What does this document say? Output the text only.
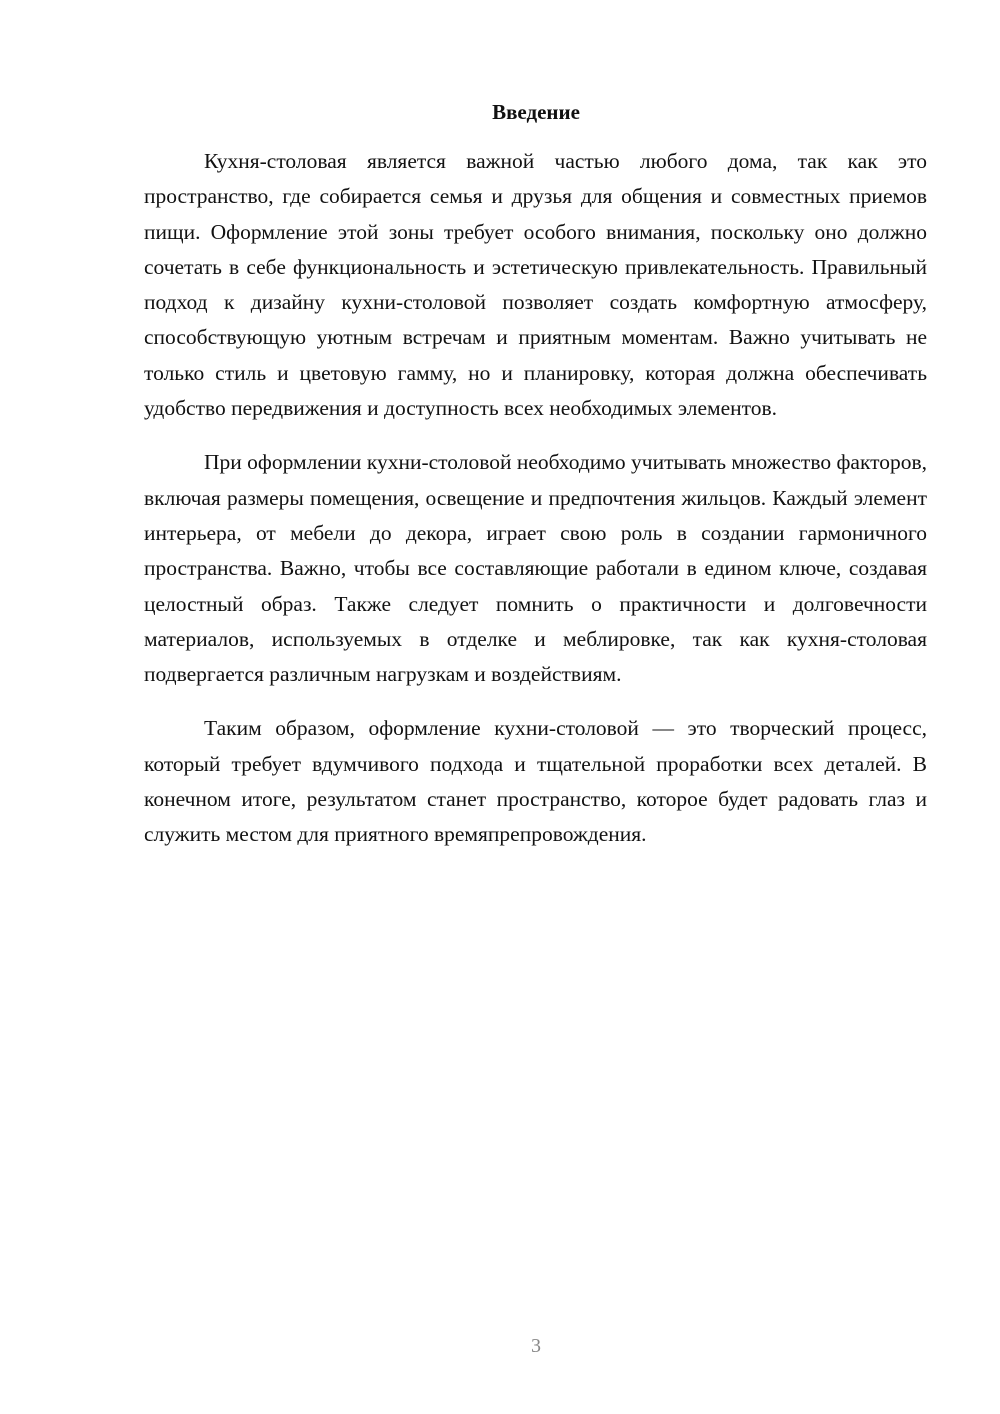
Введение

Кухня-столовая является важной частью любого дома, так как это пространство, где собирается семья и друзья для общения и совместных приемов пищи. Оформление этой зоны требует особого внимания, поскольку оно должно сочетать в себе функциональность и эстетическую привлекательность. Правильный подход к дизайну кухни-столовой позволяет создать комфортную атмосферу, способствующую уютным встречам и приятным моментам. Важно учитывать не только стиль и цветовую гамму, но и планировку, которая должна обеспечивать удобство передвижения и доступность всех необходимых элементов.

При оформлении кухни-столовой необходимо учитывать множество факторов, включая размеры помещения, освещение и предпочтения жильцов. Каждый элемент интерьера, от мебели до декора, играет свою роль в создании гармоничного пространства. Важно, чтобы все составляющие работали в едином ключе, создавая целостный образ. Также следует помнить о практичности и долговечности материалов, используемых в отделке и меблировке, так как кухня-столовая подвергается различным нагрузкам и воздействиям.

Таким образом, оформление кухни-столовой — это творческий процесс, который требует вдумчивого подхода и тщательной проработки всех деталей. В конечном итоге, результатом станет пространство, которое будет радовать глаз и служить местом для приятного времяпрепровождения.

3
